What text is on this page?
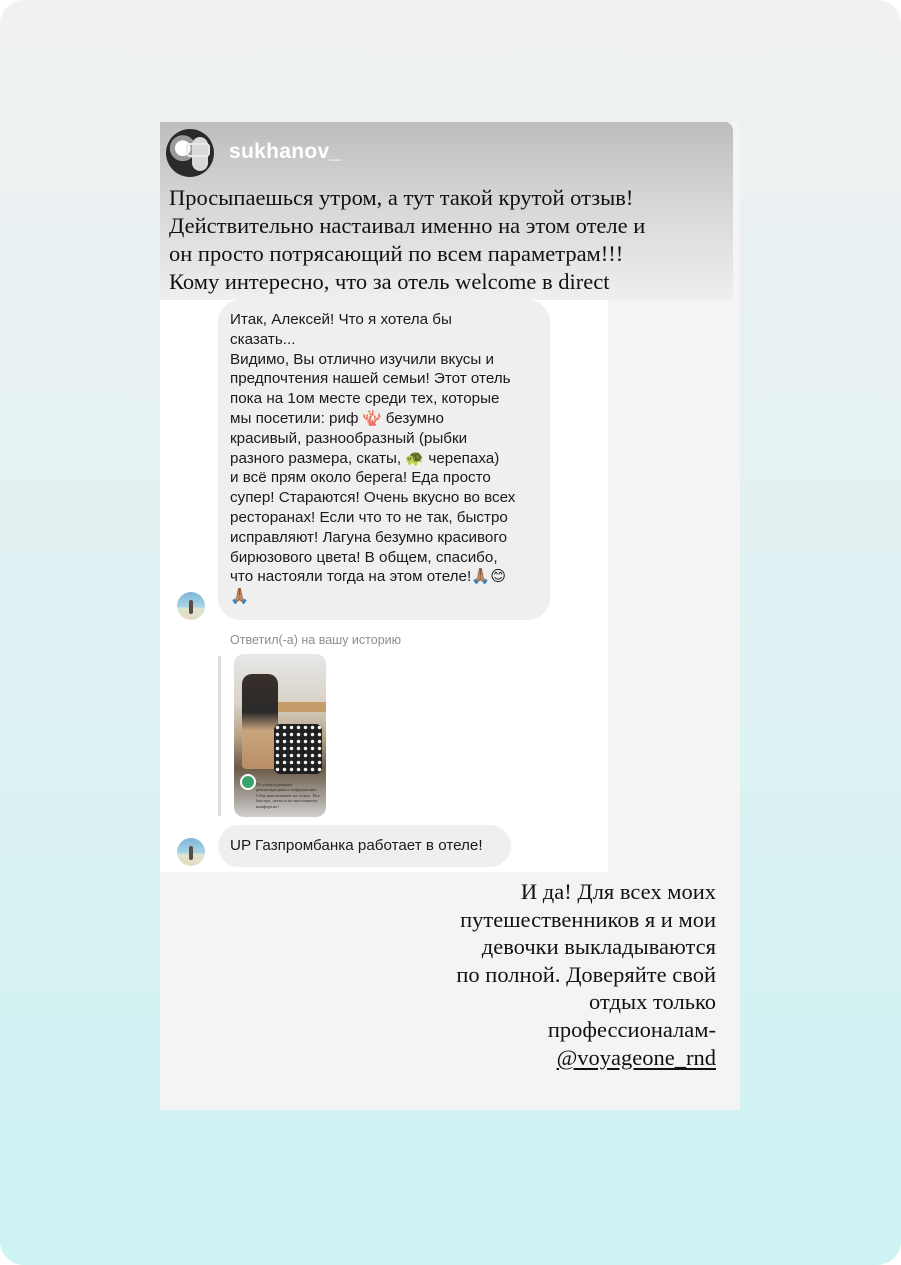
sukhanov_
Просыпаешься утром, а тут такой крутой отзыв!
Действительно настаивал именно на этом отеле и
он просто потрясающий по всем параметрам!!!
Кому интересно, что за отель welcome в direct
Итак, Алексей! Что я хотела бы
сказать...
Видимо, Вы отлично изучили вкусы и
предпочтения нашей семьи! Этот отель
пока на 1ом месте среди тех, которые
мы посетили: риф 🪸 безумно
красивый, разнообразный (рыбки
разного размера, скаты, 🐢 черепаха)
и всё прям около берега! Еда просто
супер! Стараются! Очень вкусно во всех
ресторанах! Если что то не так, быстро
исправляют! Лагуна безумно красивого
бирюзового цвета! В общем, спасибо,
что настояли тогда на этом отеле!🙏🏽😊
🙏🏽
Ответил(-а) на вашу историю
По утвержденным рекомендациям и информации: Сбер выплачивает на отдых. Все быстро, легко и по-настоящему комфортно!
UP Газпромбанка работает в отеле!
И да! Для всех моих
путешественников я и мои
девочки выкладываются
по полной. Доверяйте свой
отдых только
профессионалам-
@voyageone_rnd
